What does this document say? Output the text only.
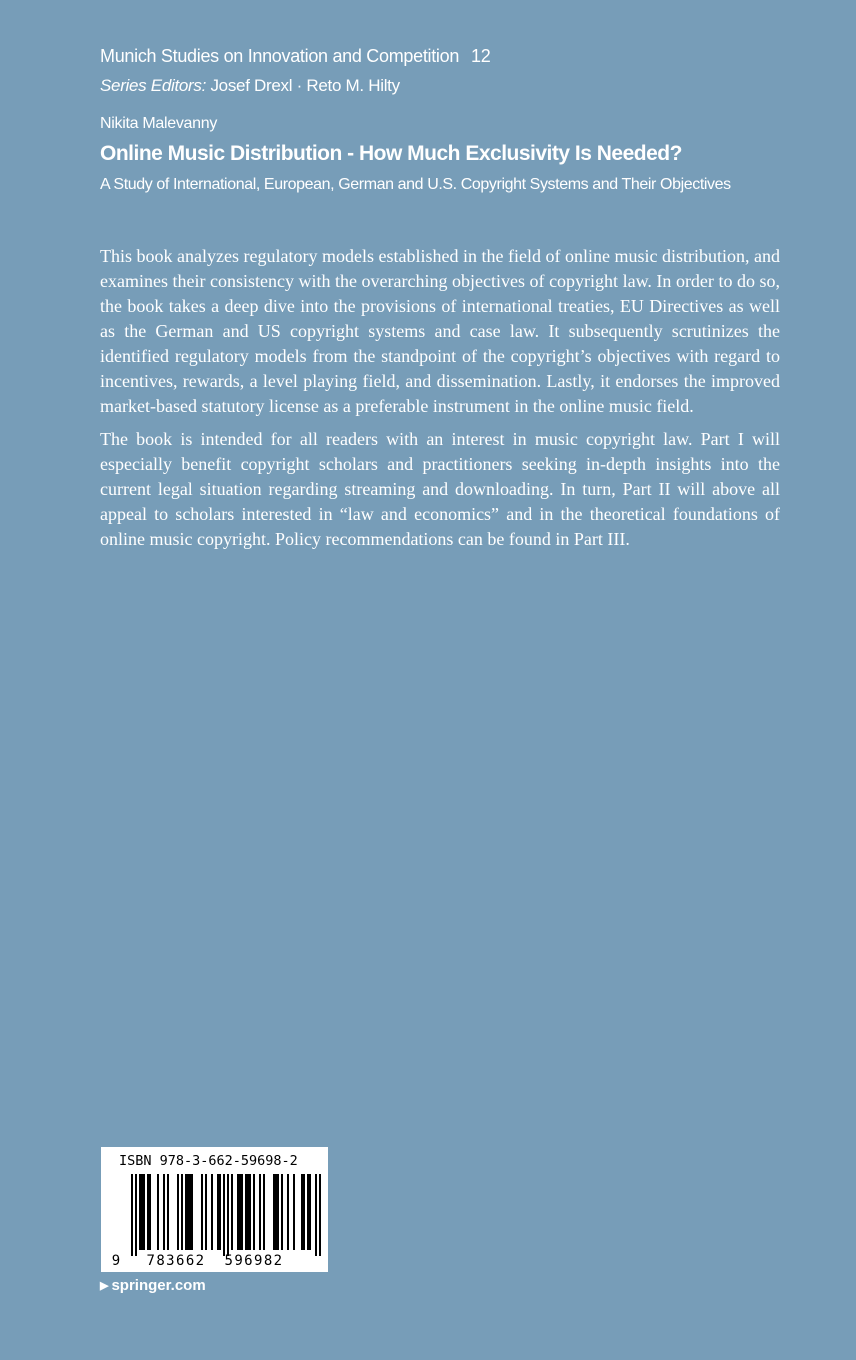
Munich Studies on Innovation and Competition 12
Series Editors: Josef Drexl · Reto M. Hilty
Nikita Malevanny
Online Music Distribution - How Much Exclusivity Is Needed?
A Study of International, European, German and U.S. Copyright Systems and Their Objectives

This book analyzes regulatory models established in the field of online music distribution, and examines their consistency with the overarching objectives of copyright law. In order to do so, the book takes a deep dive into the provisions of international treaties, EU Directives as well as the German and US copyright systems and case law. It subsequently scrutinizes the identified regulatory models from the standpoint of the copyright’s objectives with regard to incentives, rewards, a level playing field, and dissemination. Lastly, it endorses the improved market-based statutory license as a preferable instrument in the online music field.

The book is intended for all readers with an interest in music copyright law. Part I will especially benefit copyright scholars and practitioners seeking in-depth insights into the current legal situation regarding streaming and downloading. In turn, Part II will above all appeal to scholars interested in “law and economics” and in the theoretical foundations of online music copyright. Policy recommendations can be found in Part III.

ISBN 978-3-662-59698-2
9 783662 596982
▶ springer.com
